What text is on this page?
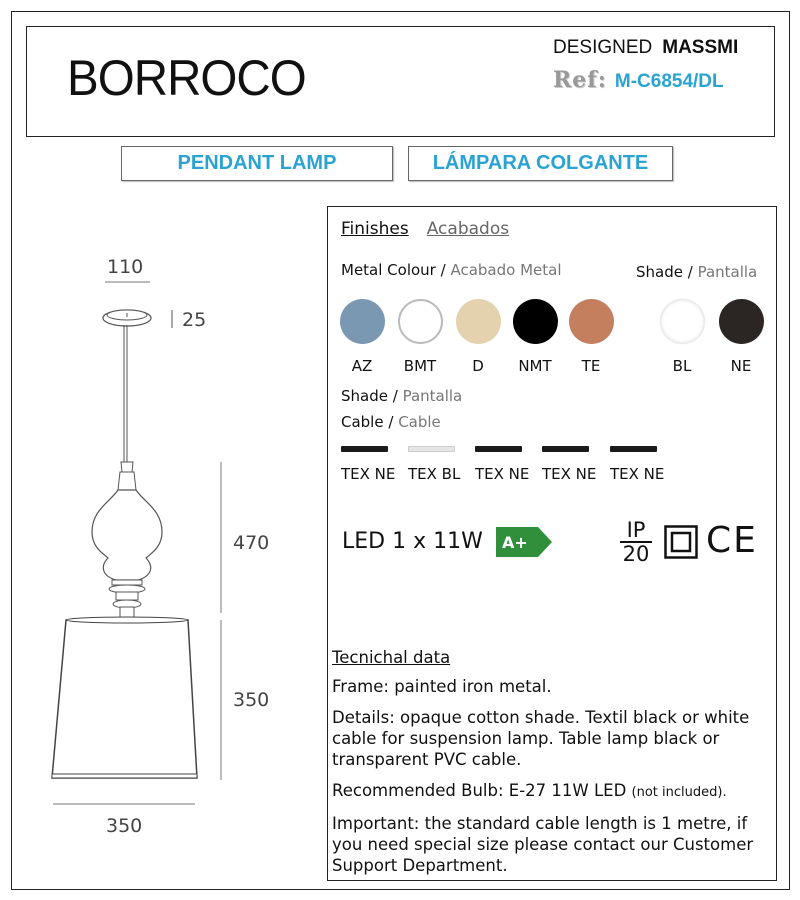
BORROCO
DESIGNED MASSMI
Ref: M-C6854/DL
PENDANT LAMP	LÁMPARA COLGANTE
110
25
470
350
350
Finishes Acabados
Metal Colour / Acabado Metal	Shade / Pantalla
AZ	BMT	D	NMT	TE	BL	NE
Shade / Pantalla
Cable / Cable
TEX NE TEX BL TEX NE TEX NE TEX NE
LED 1 x 11W A+
IP
20 CE

Tecnichal data

Frame: painted iron metal.

Details: opaque cotton shade. Textil black or white cable for suspension lamp. Table lamp black or transparent PVC cable.

Recommended Bulb: E-27 11W LED (not included).

Important: the standard cable length is 1 metre, if you need special size please contact our Customer Support Department.
